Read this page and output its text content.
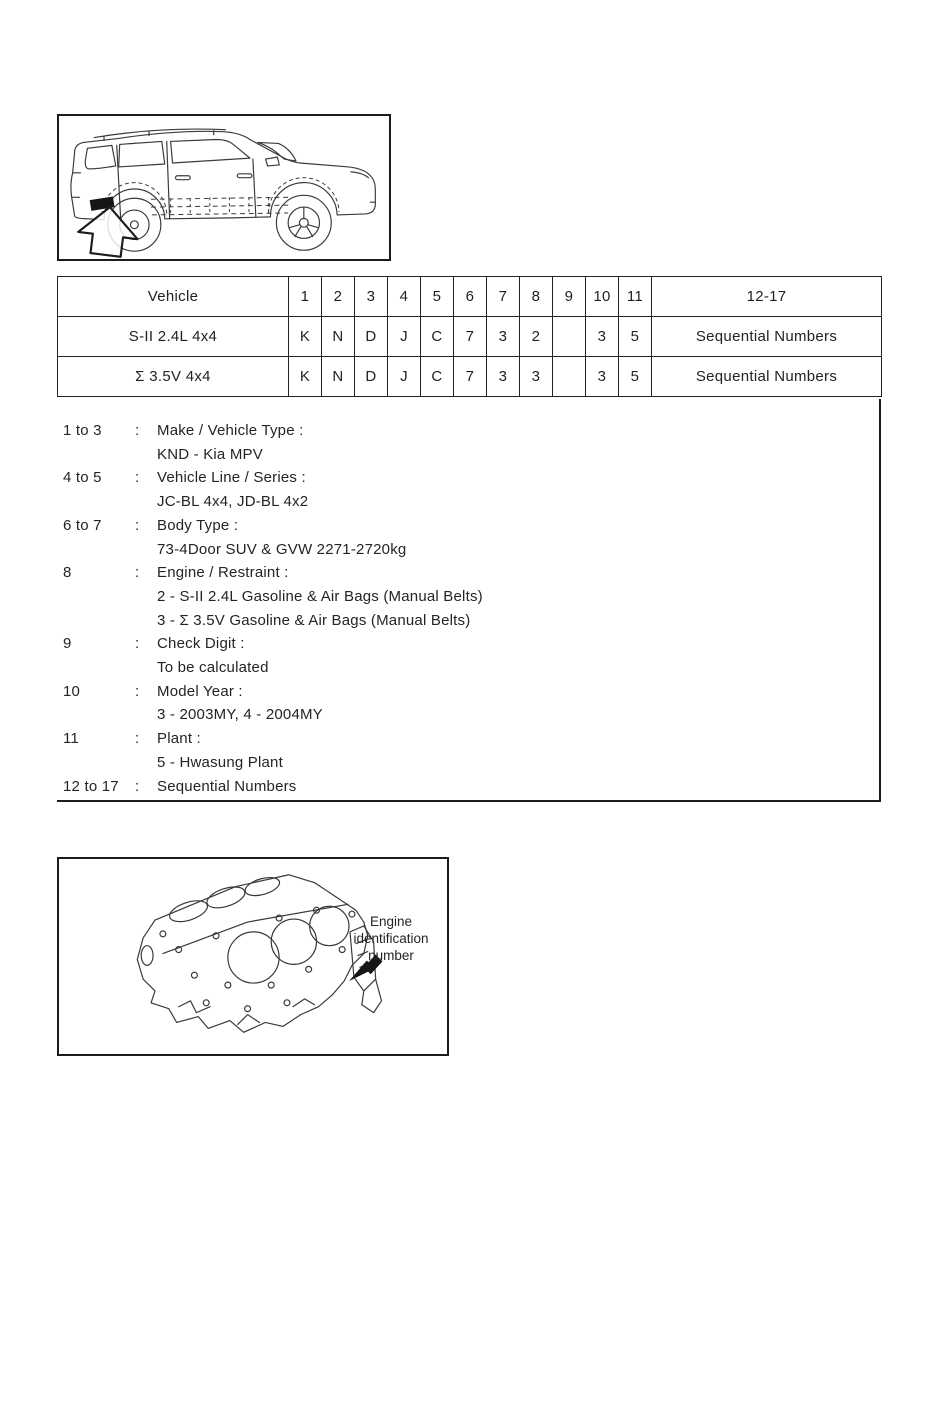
Vehicle	1	2	3	4	5	6	7	8	9	10	11	12-17
S-II 2.4L 4x4	K	N	D	J	C	7	3	2		3	5	Sequential Numbers
Σ 3.5V 4x4	K	N	D	J	C	7	3	3		3	5	Sequential Numbers
1 to 3	:	Make / Vehicle Type :
KND - Kia MPV
4 to 5	:	Vehicle Line / Series :
JC-BL 4x4, JD-BL 4x2
6 to 7	:	Body Type :
73-4Door SUV & GVW 2271-2720kg
8	:	Engine / Restraint :
2 - S-II 2.4L Gasoline & Air Bags (Manual Belts)
3 - Σ 3.5V Gasoline & Air Bags (Manual Belts)
9	:	Check Digit :
To be calculated
10	:	Model Year :
3 - 2003MY, 4 - 2004MY
11	:	Plant :
5 - Hwasung Plant
12 to 17	:	Sequential Numbers
Engine
identification
number
